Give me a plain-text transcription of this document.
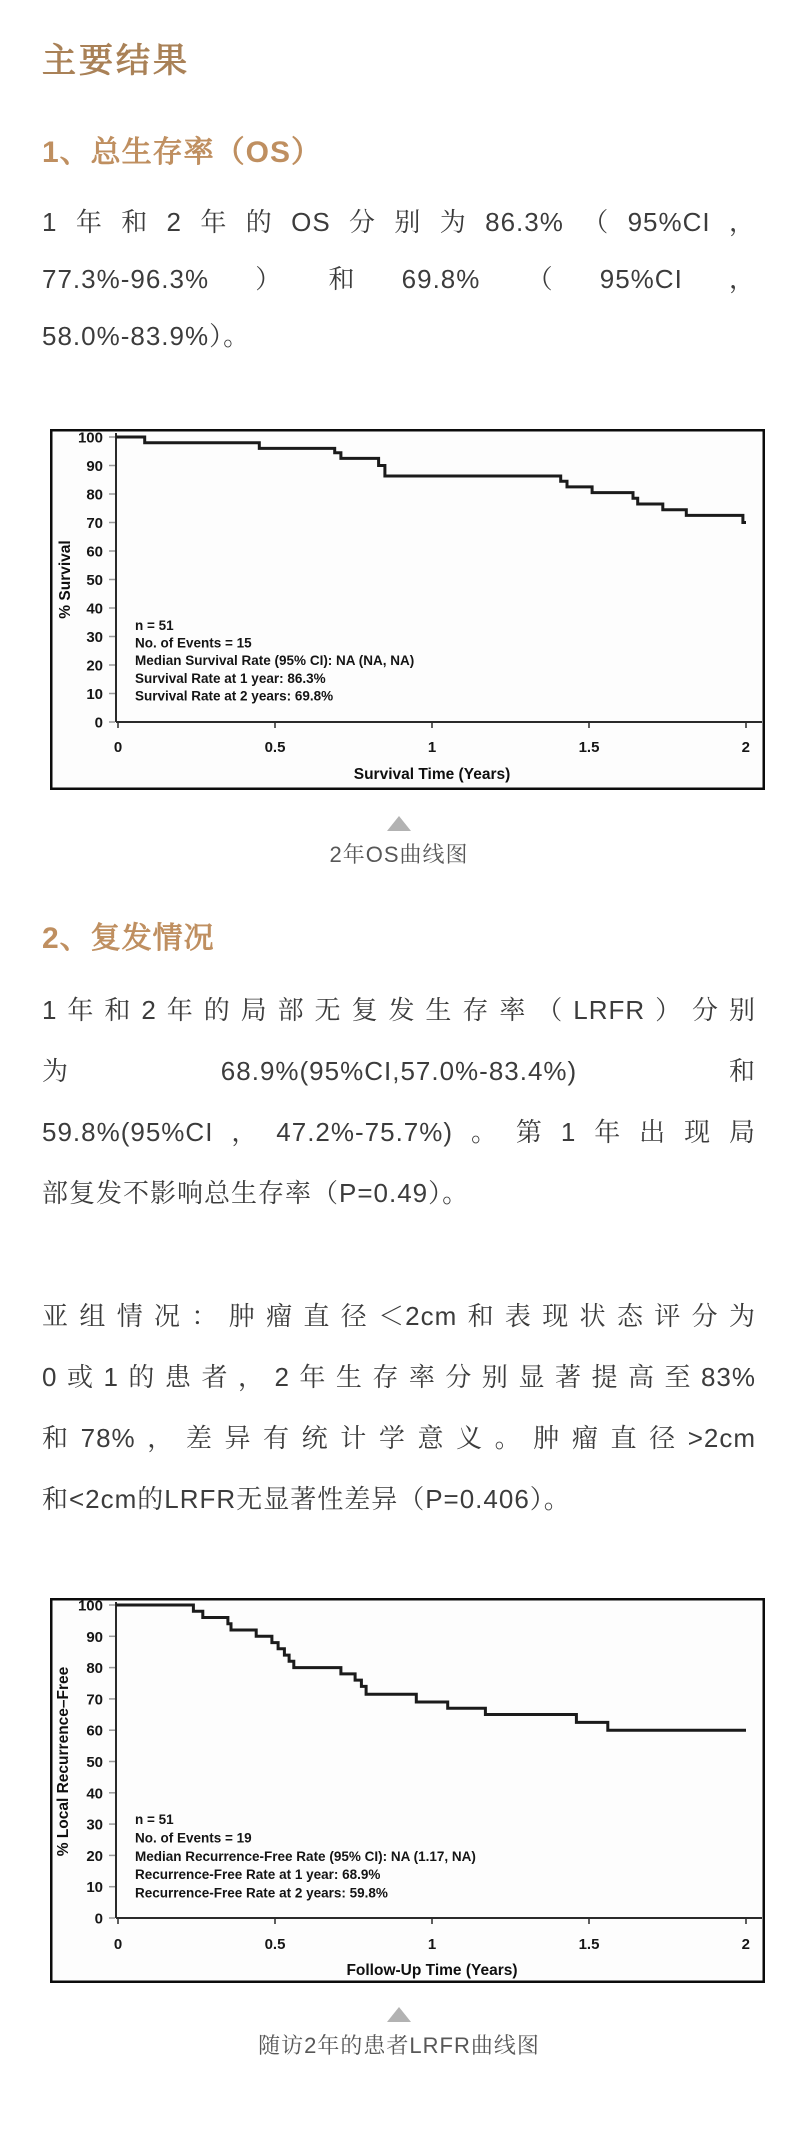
主要结果
1、总生存率（OS）
1年和2年的OS分别为86.3%（95%CI，
77.3%-96.3%）和69.8%（95%CI，
58.0%-83.9%）。
100
90
80
70
60
50
40
30
20
10
0
0	0.5	1	1.5	2
Survival Time (Years)
% Survival
n = 51
No. of Events = 15
Median Survival Rate (95% CI): NA (NA, NA)
Survival Rate at 1 year: 86.3%
Survival Rate at 2 years: 69.8%
2年OS曲线图
2、复发情况
1年和2年的局部无复发生存率（LRFR）分别
为68.9%(95%CI,57.0%-83.4%)和
59.8%(95%CI，47.2%-75.7%)。第1年出现局
部复发不影响总生存率（P=0.49）。
亚组情况：肿瘤直径＜2cm和表现状态评分为
0或1的患者，2年生存率分别显著提高至83%
和78%，差异有统计学意义。肿瘤直径>2cm
和<2cm的LRFR无显著性差异（P=0.406）。
100
90
80
70
60
50
40
30
20
10
0
0	0.5	1	1.5	2
Follow-Up Time (Years)
% Local Recurrence–Free	n = 51
No. of Events = 19
Median Recurrence-Free Rate (95% CI): NA (1.17, NA)
Recurrence-Free Rate at 1 year: 68.9%
Recurrence-Free Rate at 2 years: 59.8%
随访2年的患者LRFR曲线图
